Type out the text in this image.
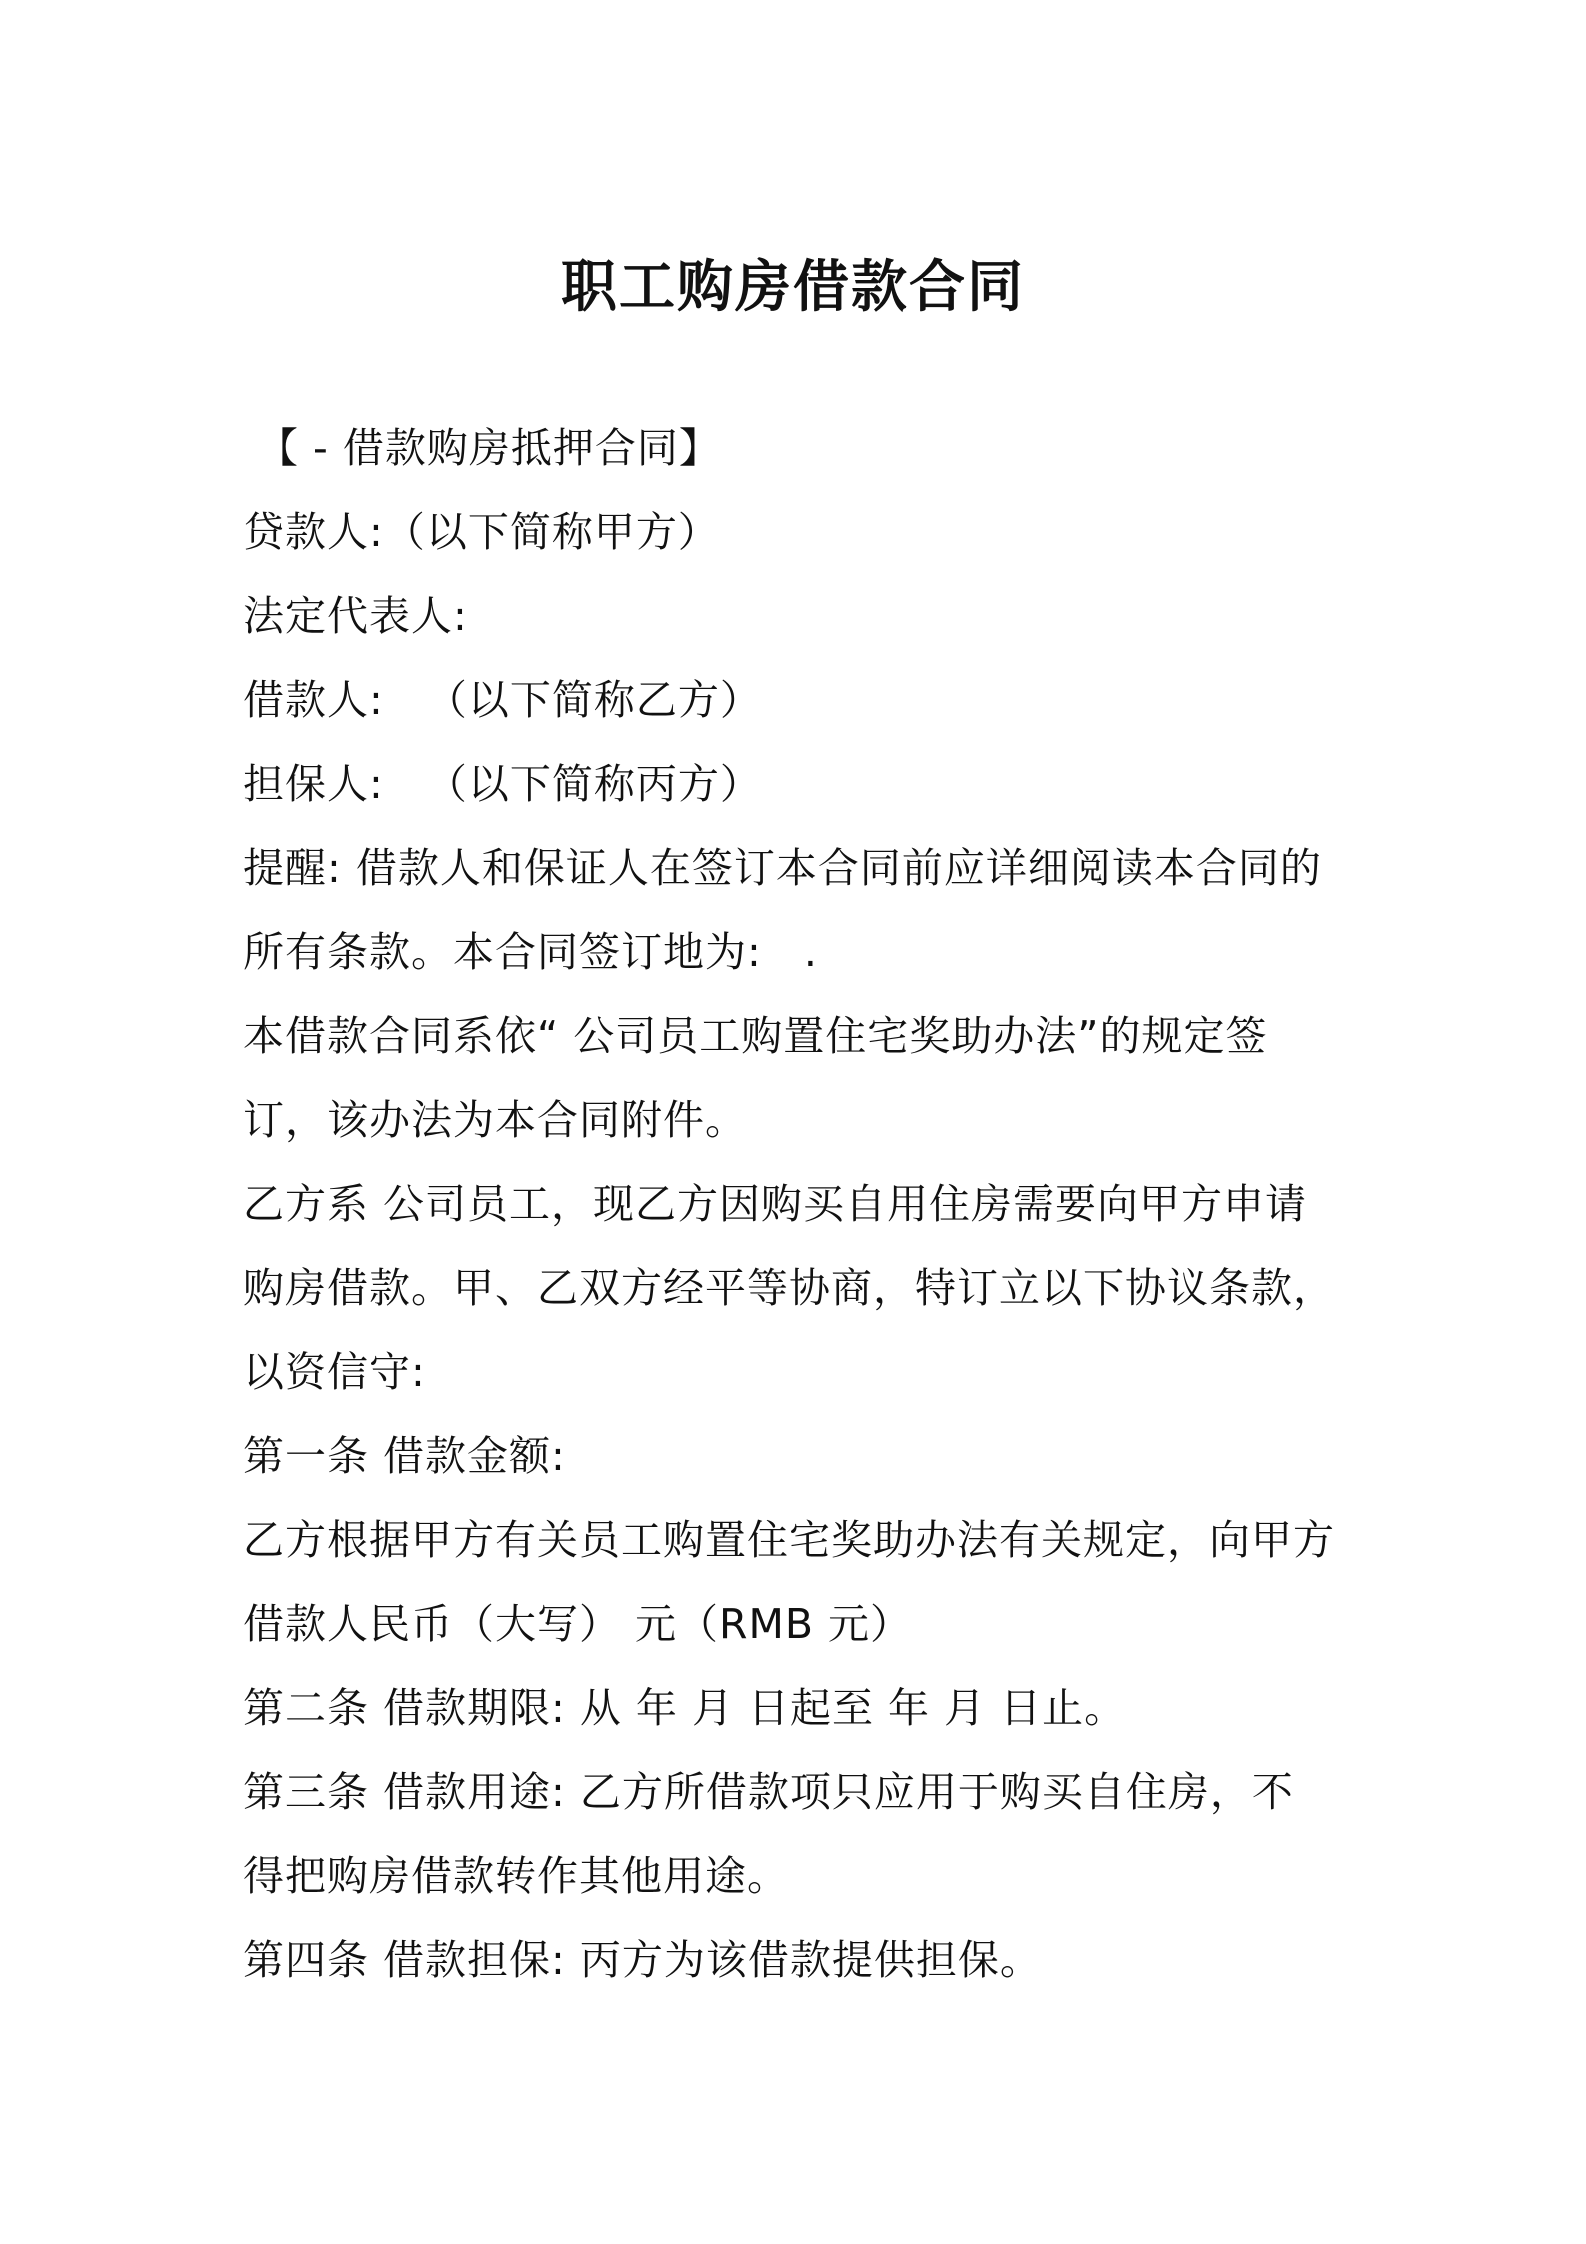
职工购房借款合同
【 - 借款购房抵押合同】
贷款人:（以下简称甲方）
法定代表人:
借款人:   （以下简称乙方）
担保人:   （以下简称丙方）
提醒: 借款人和保证人在签订本合同前应详细阅读本合同的
所有条款。本合同签订地为:   .
本借款合同系依“ 公司员工购置住宅奖助办法”的规定签
订，该办法为本合同附件。
乙方系 公司员工，现乙方因购买自用住房需要向甲方申请
购房借款。甲、乙双方经平等协商，特订立以下协议条款，
以资信守:
第一条 借款金额:
乙方根据甲方有关员工购置住宅奖助办法有关规定，向甲方
借款人民币（大写） 元（RMB 元）
第二条 借款期限: 从 年 月 日起至 年 月 日止。
第三条 借款用途: 乙方所借款项只应用于购买自住房，不
得把购房借款转作其他用途。
第四条 借款担保: 丙方为该借款提供担保。
